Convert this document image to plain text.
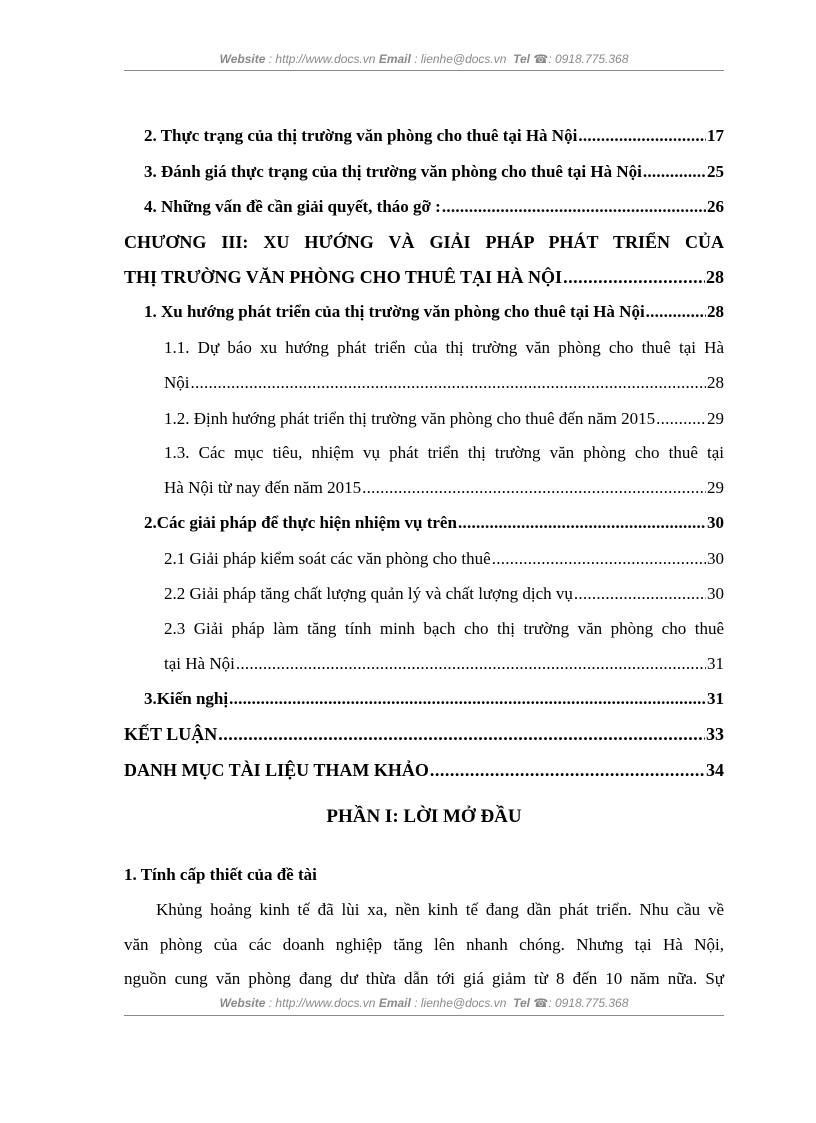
Website : http://www.docs.vn Email : lienhe@docs.vn Tel ☎: 0918.775.368
2. Thực trạng của thị trường văn phòng cho thuê tại Hà Nội . . .	17
3. Đánh giá thực trạng của thị trường văn phòng cho thuê tại Hà Nội . . .	25
4. Những vấn đề cần giải quyết, tháo gỡ : . . .	26
CHƯƠNG III: XU HƯỚNG VÀ GIẢI PHÁP PHÁT TRIỂN CỦA
THỊ TRƯỜNG VĂN PHÒNG CHO THUÊ TẠI HÀ NỘI . . .	28
1. Xu hướng phát triển của thị trường văn phòng cho thuê tại Hà Nội . . .	28
1.1. Dự báo xu hướng phát triển của thị trường văn phòng cho thuê tại Hà
Nội . . .	28
1.2. Định hướng phát triển thị trường văn phòng cho thuê đến năm 2015 . . .	29
1.3. Các mục tiêu, nhiệm vụ phát triển thị trường văn phòng cho thuê tại
Hà Nội từ nay đến năm 2015 . . .	29
2.Các giải pháp để thực hiện nhiệm vụ trên . . .	30
2.1 Giải pháp kiểm soát các văn phòng cho thuê . . .	30
2.2 Giải pháp tăng chất lượng quản lý và chất lượng dịch vụ . . .	30
2.3 Giải pháp làm tăng tính minh bạch cho thị trường văn phòng cho thuê
tại Hà Nội . . .	31
3.Kiến nghị . . .	31
KẾT LUẬN . . .	33
DANH MỤC TÀI LIỆU THAM KHẢO . . .	34
PHẦN I: LỜI MỞ ĐẦU
1. Tính cấp thiết của đề tài
Khủng hoảng kinh tế đã lùi xa, nền kinh tế đang dần phát triển. Nhu cầu về
văn phòng của các doanh nghiệp tăng lên nhanh chóng. Nhưng tại Hà Nội,
nguồn cung văn phòng đang dư thừa dẫn tới giá giảm từ 8 đến 10 năm nữa. Sự
Website : http://www.docs.vn Email : lienhe@docs.vn Tel ☎: 0918.775.368
